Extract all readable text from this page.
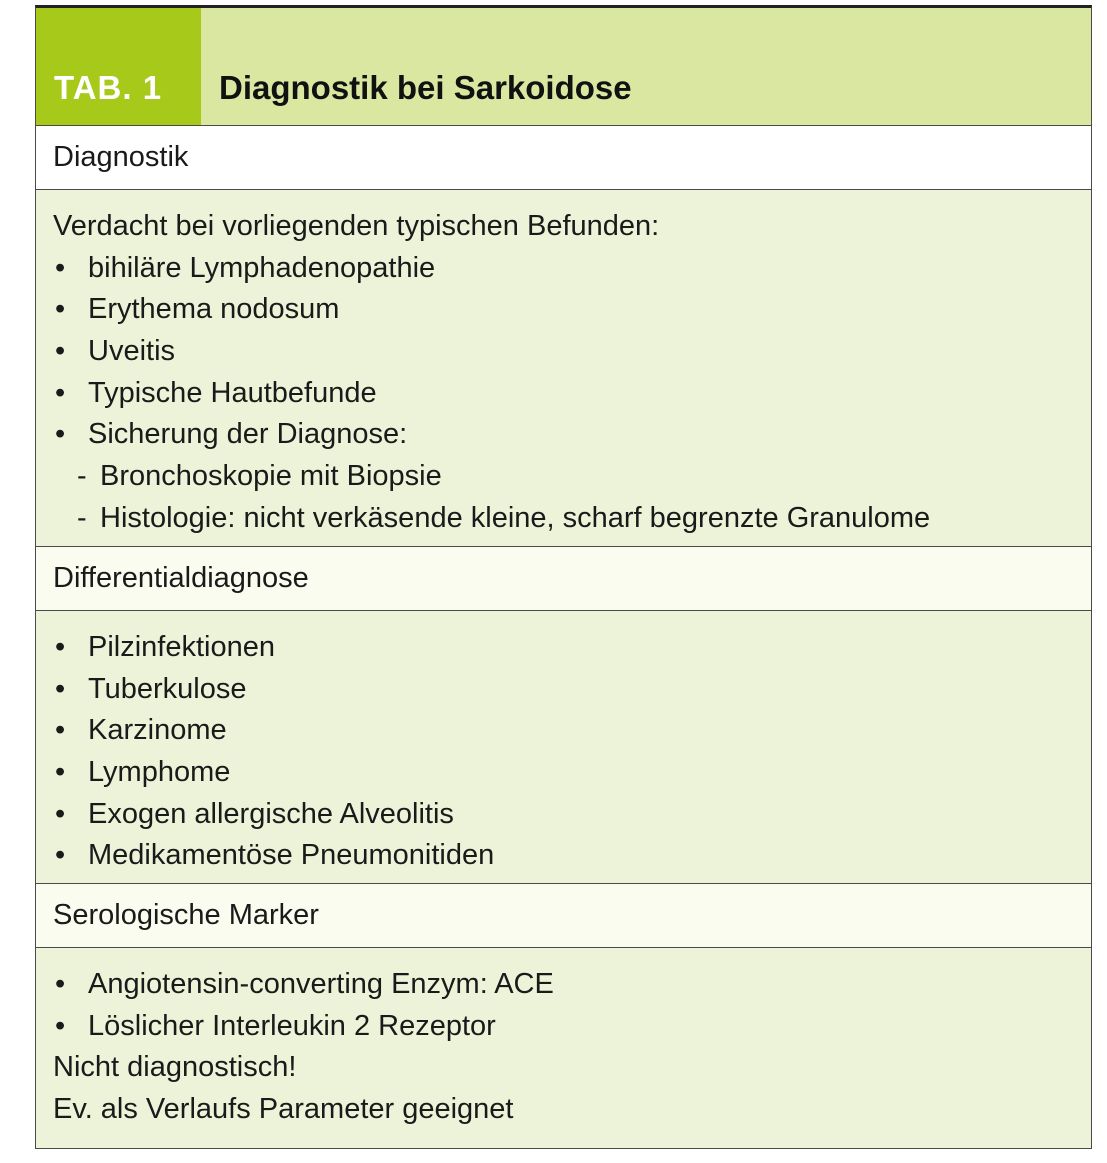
TAB. 1	Diagnostik bei Sarkoidose
Diagnostik
Verdacht bei vorliegenden typischen Befunden:
• bihiläre Lymphadenopathie
• Erythema nodosum
• Uveitis
• Typische Hautbefunde
• Sicherung der Diagnose:
- Bronchoskopie mit Biopsie
- Histologie: nicht verkäsende kleine, scharf begrenzte Granulome
Differentialdiagnose
• Pilzinfektionen
• Tuberkulose
• Karzinome
• Lymphome
• Exogen allergische Alveolitis
• Medikamentöse Pneumonitiden
Serologische Marker
• Angiotensin-converting Enzym: ACE
• Löslicher Interleukin 2 Rezeptor
Nicht diagnostisch!
Ev. als Verlaufs Parameter geeignet
